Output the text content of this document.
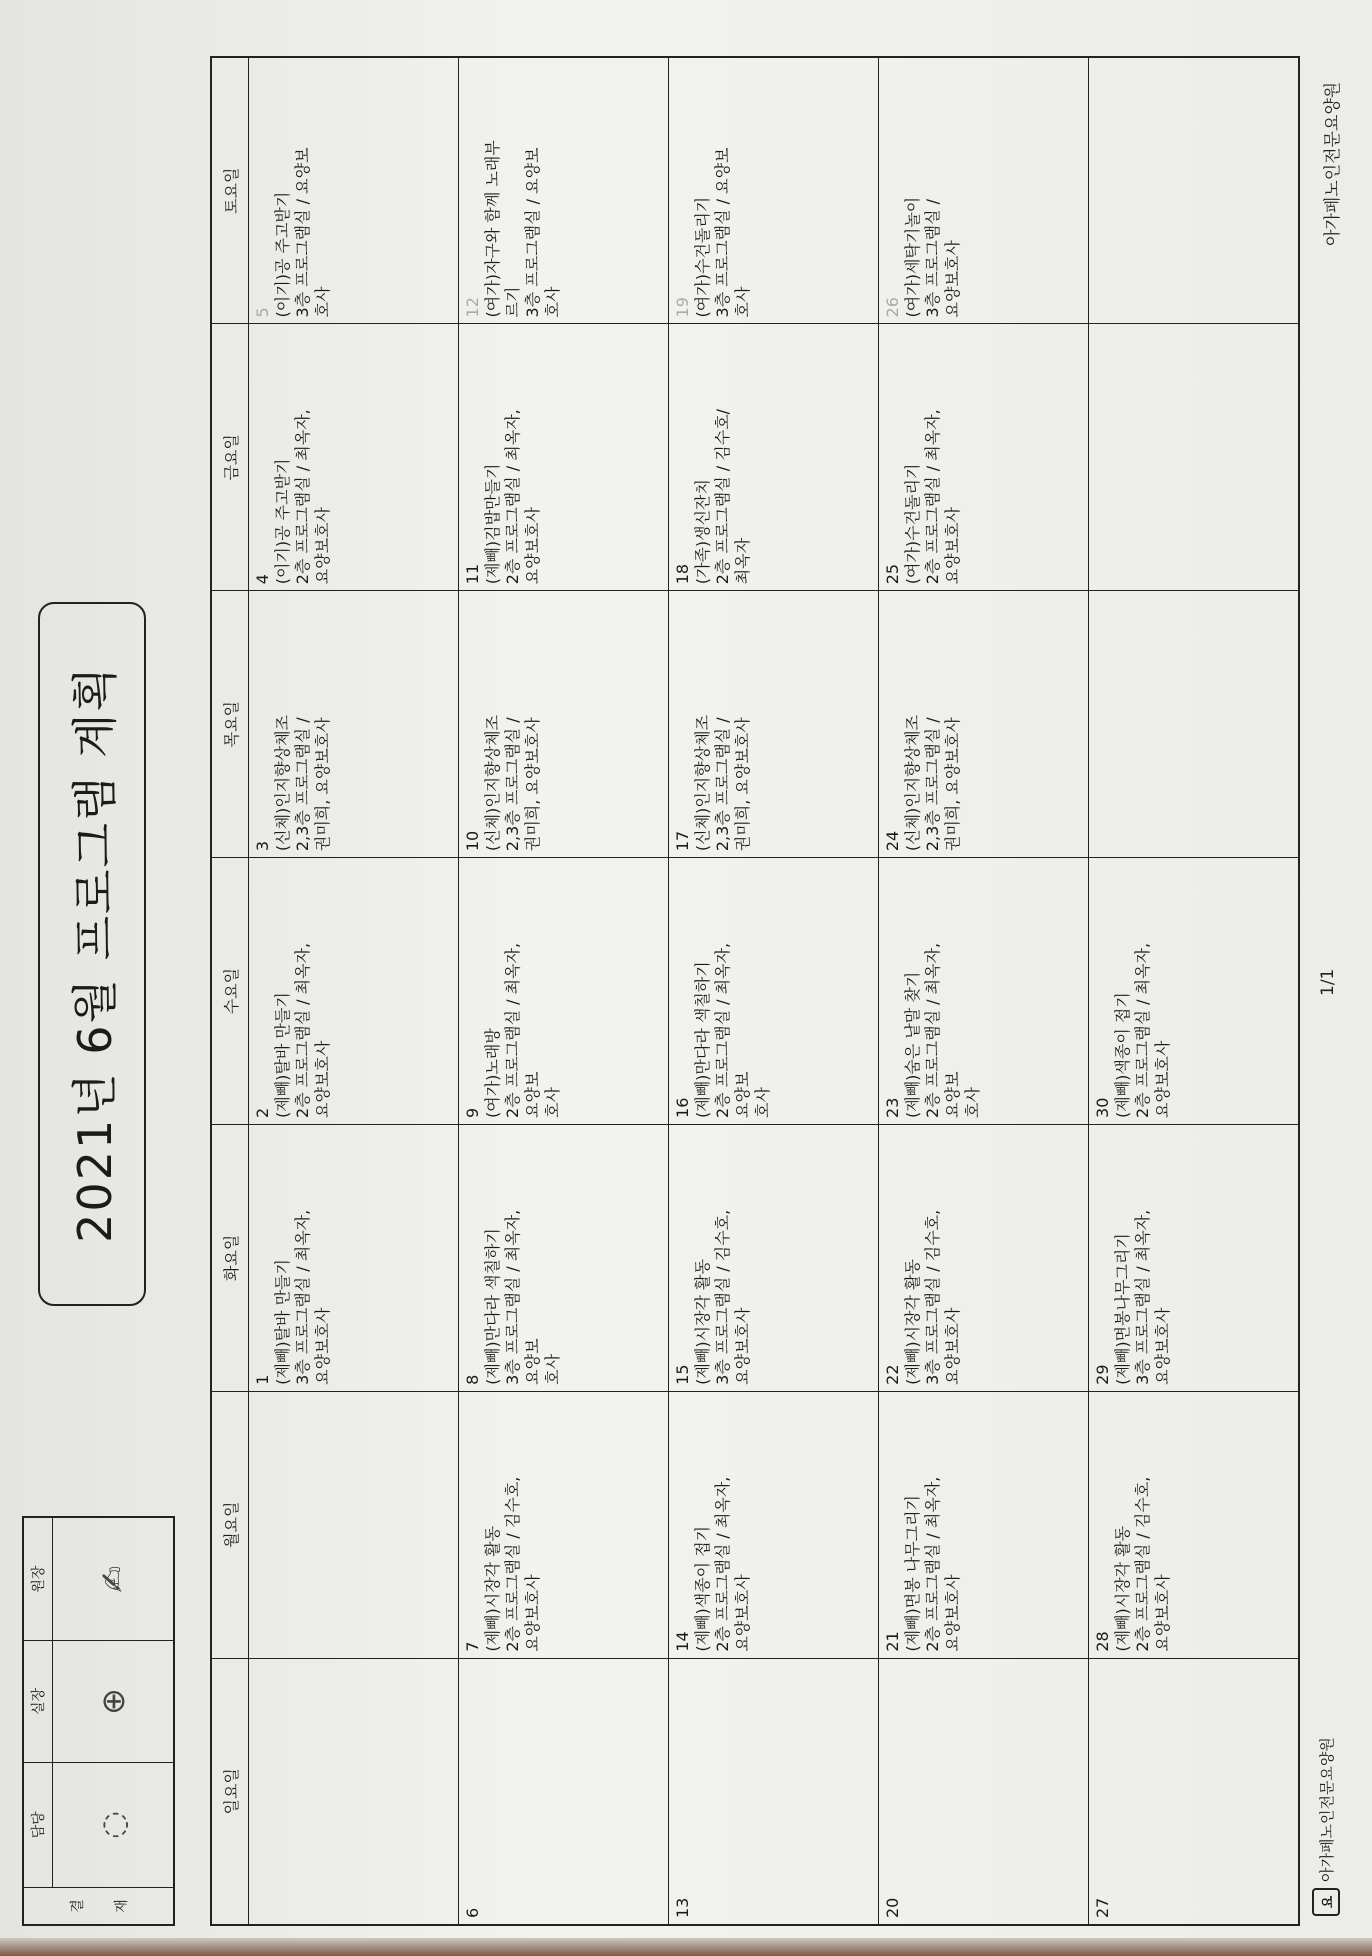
결 재	담당	실장	원장
	◌	⊕	✍
2021년 6월 프로그램 계획
일요일	월요일	화요일	수요일	목요일	금요일	토요일

		1 (제빼)탈바 만들기
3층 프로그램실 / 최옥자,
요양보호사	2 (제빼)탈바 만들기
2층 프로그램실 / 최옥자,
요양보호사	3 (신체)인지향상체조
2,3층 프로그램실 /
권미희, 요양보호사	4 (이기)공 주고받기
2층 프로그램실 / 최옥자,
요양보호사	5 (이기)공 주고받기
3층 프로그램실 / 요양보
호사

6	7 (제빼)시장각 활동
2층 프로그램실 / 김수호,
요양보호사	8 (제빼)만다라 색칠하기
3층 프로그램실 / 최옥자,
요양보
호사	9 (여가)노래방
2층 프로그램실 / 최옥자,
요양보
호사	10 (신체)인지향상체조
2,3층 프로그램실 /
권미희, 요양보호사	11 (제빼)김밥만들기
2층 프로그램실 / 최옥자,
요양보호사	12 (여가)자구와 함께 노래부
르기
3층 프로그램실 / 요양보
호사

13	14 (제빼)색종이 접기
2층 프로그램실 / 최옥자,
요양보호사	15 (제빼)시장각 활동
3층 프로그램실 / 김수호,
요양보호사	16 (제빼)만다라 색칠하기
2층 프로그램실 / 최옥자,
요양보
호사	17 (신체)인지향상체조
2,3층 프로그램실 /
권미희, 요양보호사	18 (가족)생신잔치
2층 프로그램실 / 김수호/
최옥자	19 (여가)수건돌리기
3층 프로그램실 / 요양보
호사

20	21 (제빼)면봉 나무그리기
2층 프로그램실 / 최옥자,
요양보호사	22 (제빼)시장각 활동
3층 프로그램실 / 김수호,
요양보호사	23 (제빼)숨은 낱말 찾기
2층 프로그램실 / 최옥자,
요양보
호사	24 (신체)인지향상체조
2,3층 프로그램실 /
권미희, 요양보호사	25 (여가)수건돌리기
2층 프로그램실 / 최옥자,
요양보호사	26 (여가)세탁기놀이
3층 프로그램실 /
요양보호사

27	28 (제빼)시장각 활동
2층 프로그램실 / 김수호,
요양보호사	29 (제빼)면봉나무그리기
3층 프로그램실 / 최옥자,
요양보호사	30 (제빼)색종이 접기
2층 프로그램실 / 최옥자,
요양보호사			

요
아가페노인전문요양원
1/1
아가페노인전문요양원
